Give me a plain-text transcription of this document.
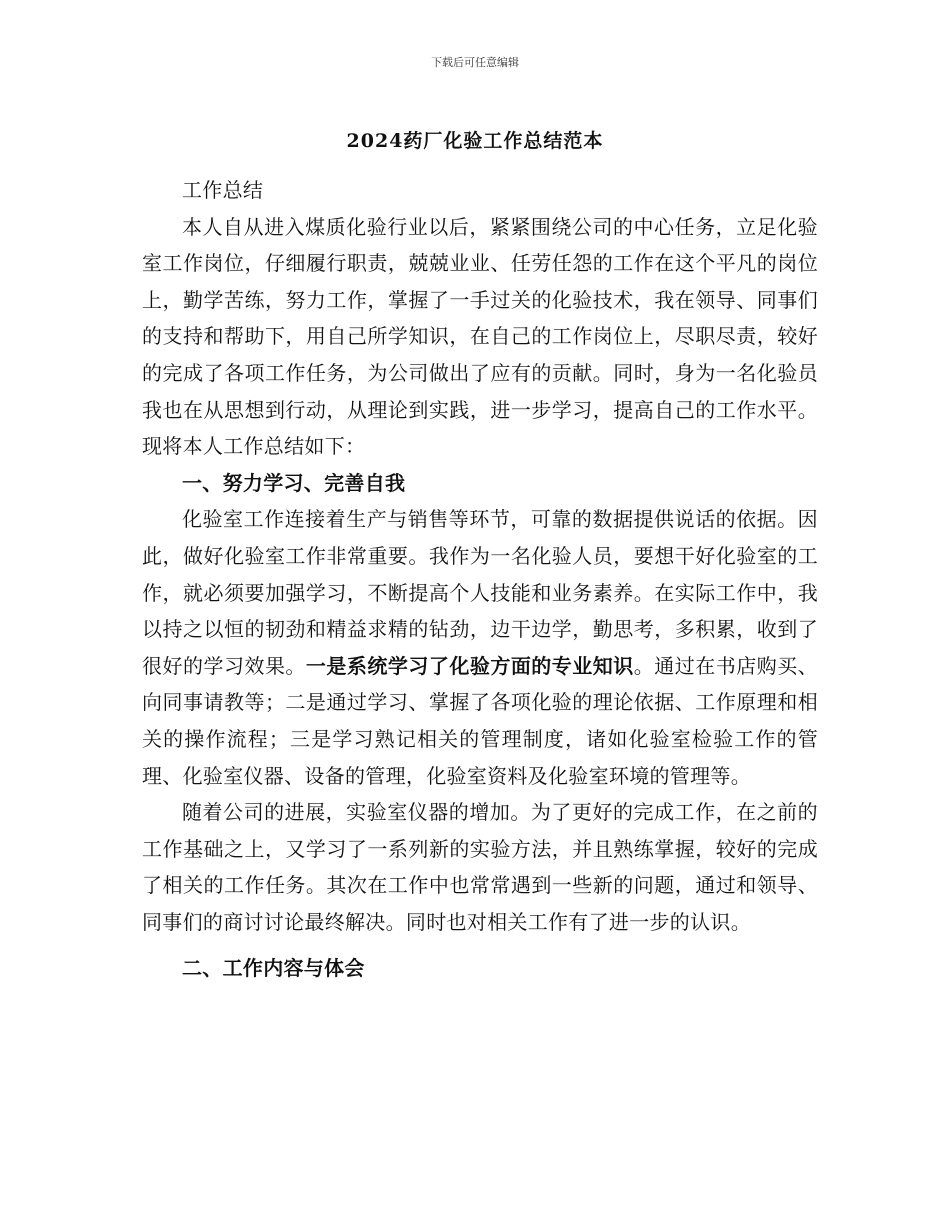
下载后可任意编辑
2024药厂化验工作总结范本

工作总结

本人自从进入煤质化验行业以后，紧紧围绕公司的中心任务，立足化验室工作岗位，仔细履行职责，兢兢业业、任劳任怨的工作在这个平凡的岗位上，勤学苦练，努力工作，掌握了一手过关的化验技术，我在领导、同事们的支持和帮助下，用自己所学知识，在自己的工作岗位上，尽职尽责，较好的完成了各项工作任务，为公司做出了应有的贡献。同时，身为一名化验员我也在从思想到行动，从理论到实践，进一步学习，提高自己的工作水平。现将本人工作总结如下：

一、努力学习、完善自我

化验室工作连接着生产与销售等环节，可靠的数据提供说话的依据。因此，做好化验室工作非常重要。我作为一名化验人员，要想干好化验室的工作，就必须要加强学习，不断提高个人技能和业务素养。在实际工作中，我以持之以恒的韧劲和精益求精的钻劲，边干边学，勤思考，多积累，收到了很好的学习效果。一是系统学习了化验方面的专业知识。通过在书店购买、向同事请教等；二是通过学习、掌握了各项化验的理论依据、工作原理和相关的操作流程；三是学习熟记相关的管理制度，诸如化验室检验工作的管理、化验室仪器、设备的管理，化验室资料及化验室环境的管理等。

随着公司的进展，实验室仪器的增加。为了更好的完成工作，在之前的工作基础之上，又学习了一系列新的实验方法，并且熟练掌握，较好的完成了相关的工作任务。其次在工作中也常常遇到一些新的问题，通过和领导、同事们的商讨讨论最终解决。同时也对相关工作有了进一步的认识。

二、工作内容与体会
